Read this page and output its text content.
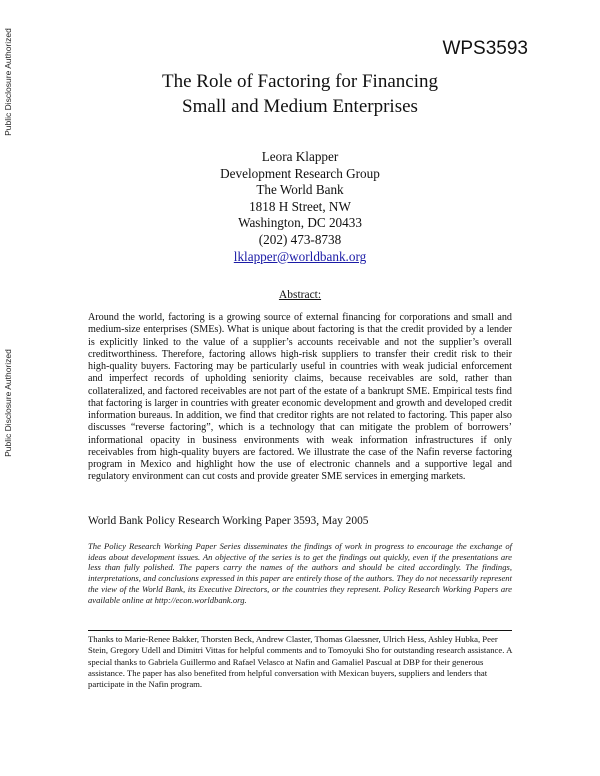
Public Disclosure Authorized
Public Disclosure Authorized
WPS3593
The Role of Factoring for Financing
Small and Medium Enterprises
Leora Klapper
Development Research Group
The World Bank
1818 H Street, NW
Washington, DC 20433
(202) 473-8738
lklapper@worldbank.org
Abstract:

Around the world, factoring is a growing source of external financing for corporations and small and medium-size enterprises (SMEs). What is unique about factoring is that the credit provided by a lender is explicitly linked to the value of a supplier’s accounts receivable and not the supplier’s overall creditworthiness. Therefore, factoring allows high-risk suppliers to transfer their credit risk to their high-quality buyers. Factoring may be particularly useful in countries with weak judicial enforcement and imperfect records of upholding seniority claims, because receivables are sold, rather than collateralized, and factored receivables are not part of the estate of a bankrupt SME. Empirical tests find that factoring is larger in countries with greater economic development and growth and developed credit information bureaus. In addition, we find that creditor rights are not related to factoring. This paper also discusses “reverse factoring”, which is a technology that can mitigate the problem of borrowers’ informational opacity in business environments with weak information infrastructures if only receivables from high-quality buyers are factored. We illustrate the case of the Nafin reverse factoring program in Mexico and highlight how the use of electronic channels and a supportive legal and regulatory environment can cut costs and provide greater SME services in emerging markets.

World Bank Policy Research Working Paper 3593, May 2005

The Policy Research Working Paper Series disseminates the findings of work in progress to encourage the exchange of ideas about development issues. An objective of the series is to get the findings out quickly, even if the presentations are less than fully polished. The papers carry the names of the authors and should be cited accordingly. The findings, interpretations, and conclusions expressed in this paper are entirely those of the authors. They do not necessarily represent the view of the World Bank, its Executive Directors, or the countries they represent. Policy Research Working Papers are available online at http://econ.worldbank.org.

Thanks to Marie-Renee Bakker, Thorsten Beck, Andrew Claster, Thomas Glaessner, Ulrich Hess, Ashley Hubka, Peer Stein, Gregory Udell and Dimitri Vittas for helpful comments and to Tomoyuki Sho for outstanding research assistance. A special thanks to Gabriela Guillermo and Rafael Velasco at Nafin and Gamaliel Pascual at DBP for their generous assistance. The paper has also benefited from helpful conversation with Mexican buyers, suppliers and lenders that participate in the Nafin program.
